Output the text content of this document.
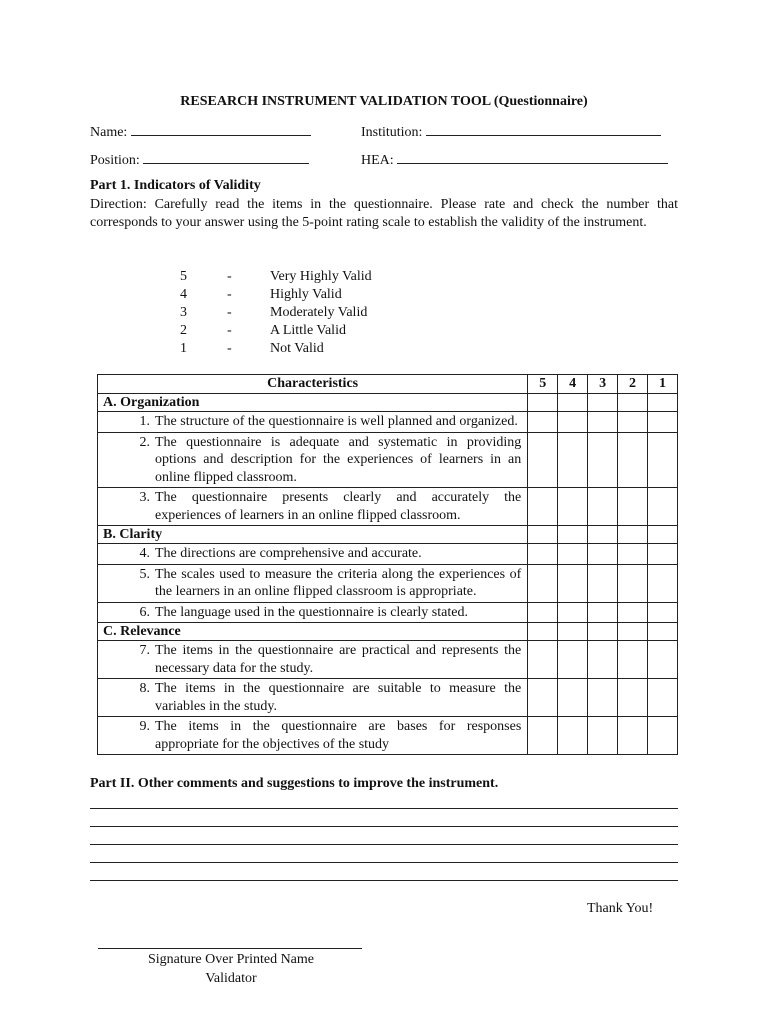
RESEARCH INSTRUMENT VALIDATION TOOL (Questionnaire)
Name:	Institution:
Position:	HEA:
Part 1. Indicators of Validity
Direction: Carefully read the items in the questionnaire. Please rate and check the number that corresponds to your answer using the 5-point rating scale to establish the validity of the instrument.
5	-	Very Highly Valid
4	-	Highly Valid
3	-	Moderately Valid
2	-	A Little Valid
1	-	Not Valid
Characteristics	5	4	3	2	1
A. Organization					

1. The structure of the questionnaire is well planned and organized.					

2. The questionnaire is adequate and systematic in providing options and description for the experiences of learners in an online flipped classroom.					

3. The questionnaire presents clearly and accurately the experiences of learners in an online flipped classroom.					

B. Clarity					

4. The directions are comprehensive and accurate.					

5. The scales used to measure the criteria along the experiences of the learners in an online flipped classroom is appropriate.					

6. The language used in the questionnaire is clearly stated.					

C. Relevance					

7. The items in the questionnaire are practical and represents the necessary data for the study.					

8. The items in the questionnaire are suitable to measure the variables in the study.					

9. The items in the questionnaire are bases for responses appropriate for the objectives of the study					

Part II. Other comments and suggestions to improve the instrument.
Thank You!
Signature Over Printed Name
Validator
